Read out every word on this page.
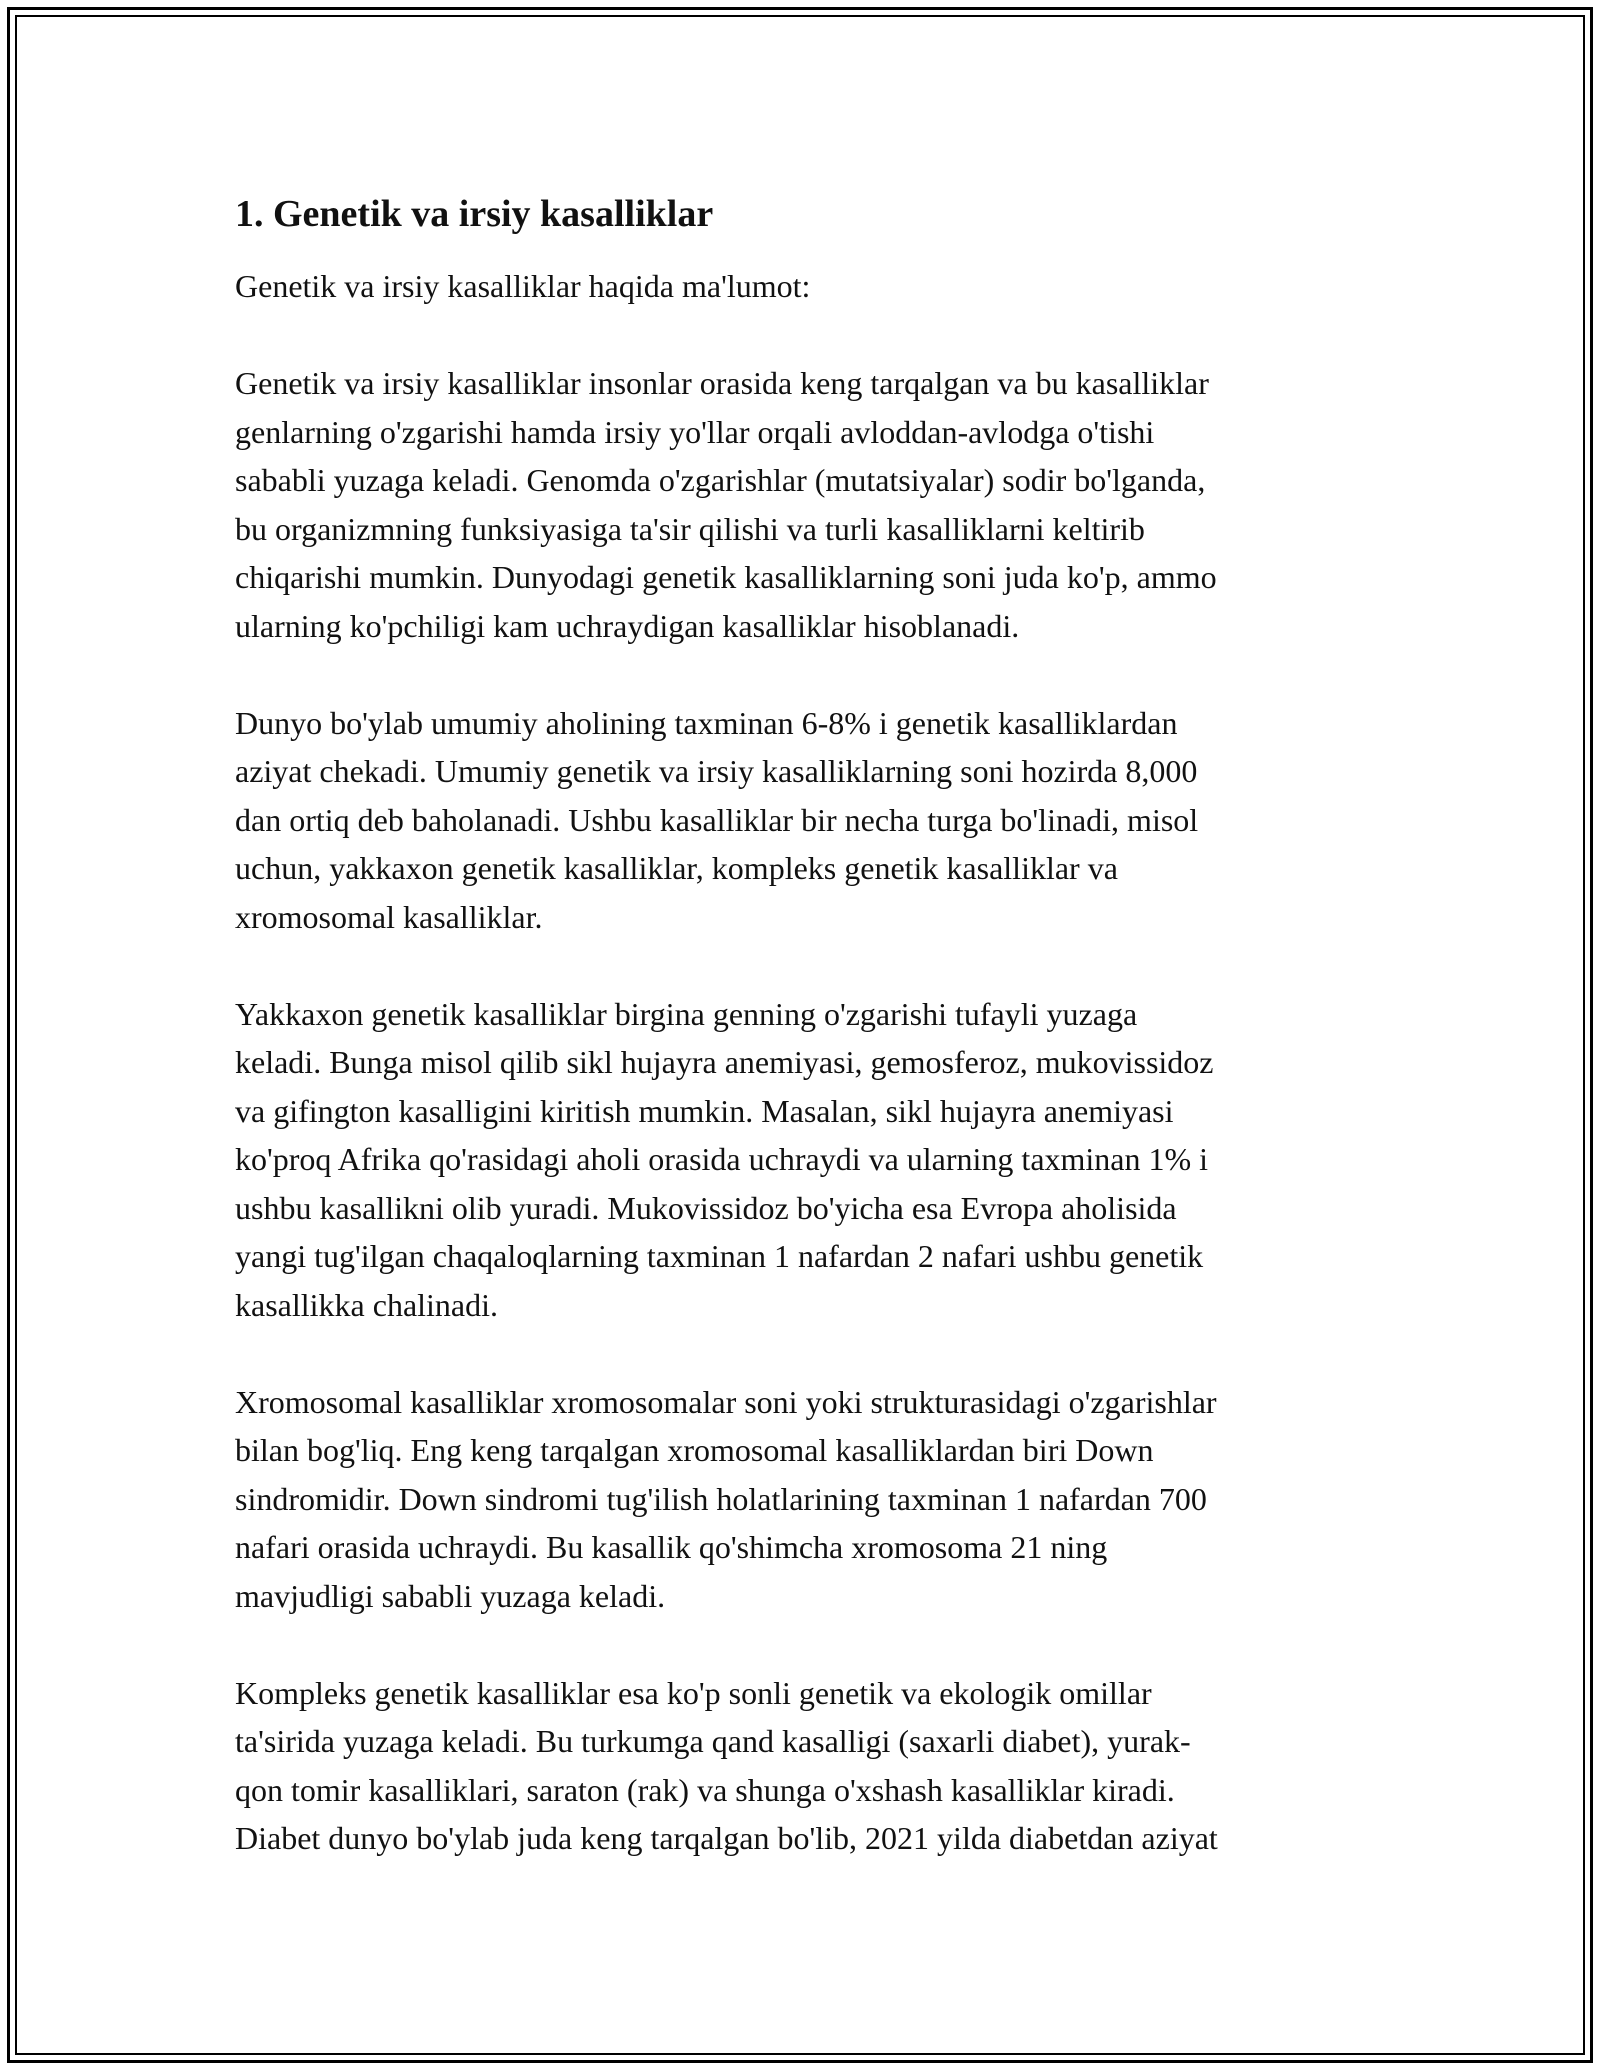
1. Genetik va irsiy kasalliklar

Genetik va irsiy kasalliklar haqida ma'lumot:

Genetik va irsiy kasalliklar insonlar orasida keng tarqalgan va bu kasalliklar
genlarning o'zgarishi hamda irsiy yo'llar orqali avloddan-avlodga o'tishi
sababli yuzaga keladi. Genomda o'zgarishlar (mutatsiyalar) sodir bo'lganda,
bu organizmning funksiyasiga ta'sir qilishi va turli kasalliklarni keltirib
chiqarishi mumkin. Dunyodagi genetik kasalliklarning soni juda ko'p, ammo
ularning ko'pchiligi kam uchraydigan kasalliklar hisoblanadi.

Dunyo bo'ylab umumiy aholining taxminan 6-8% i genetik kasalliklardan
aziyat chekadi. Umumiy genetik va irsiy kasalliklarning soni hozirda 8,000
dan ortiq deb baholanadi. Ushbu kasalliklar bir necha turga bo'linadi, misol
uchun, yakkaxon genetik kasalliklar, kompleks genetik kasalliklar va
xromosomal kasalliklar.

Yakkaxon genetik kasalliklar birgina genning o'zgarishi tufayli yuzaga
keladi. Bunga misol qilib sikl hujayra anemiyasi, gemosferoz, mukovissidoz
va gifington kasalligini kiritish mumkin. Masalan, sikl hujayra anemiyasi
ko'proq Afrika qo'rasidagi aholi orasida uchraydi va ularning taxminan 1% i
ushbu kasallikni olib yuradi. Mukovissidoz bo'yicha esa Evropa aholisida
yangi tug'ilgan chaqaloqlarning taxminan 1 nafardan 2 nafari ushbu genetik
kasallikka chalinadi.

Xromosomal kasalliklar xromosomalar soni yoki strukturasidagi o'zgarishlar
bilan bog'liq. Eng keng tarqalgan xromosomal kasalliklardan biri Down
sindromidir. Down sindromi tug'ilish holatlarining taxminan 1 nafardan 700
nafari orasida uchraydi. Bu kasallik qo'shimcha xromosoma 21 ning
mavjudligi sababli yuzaga keladi.

Kompleks genetik kasalliklar esa ko'p sonli genetik va ekologik omillar
ta'sirida yuzaga keladi. Bu turkumga qand kasalligi (saxarli diabet), yurak-
qon tomir kasalliklari, saraton (rak) va shunga o'xshash kasalliklar kiradi.
Diabet dunyo bo'ylab juda keng tarqalgan bo'lib, 2021 yilda diabetdan aziyat
